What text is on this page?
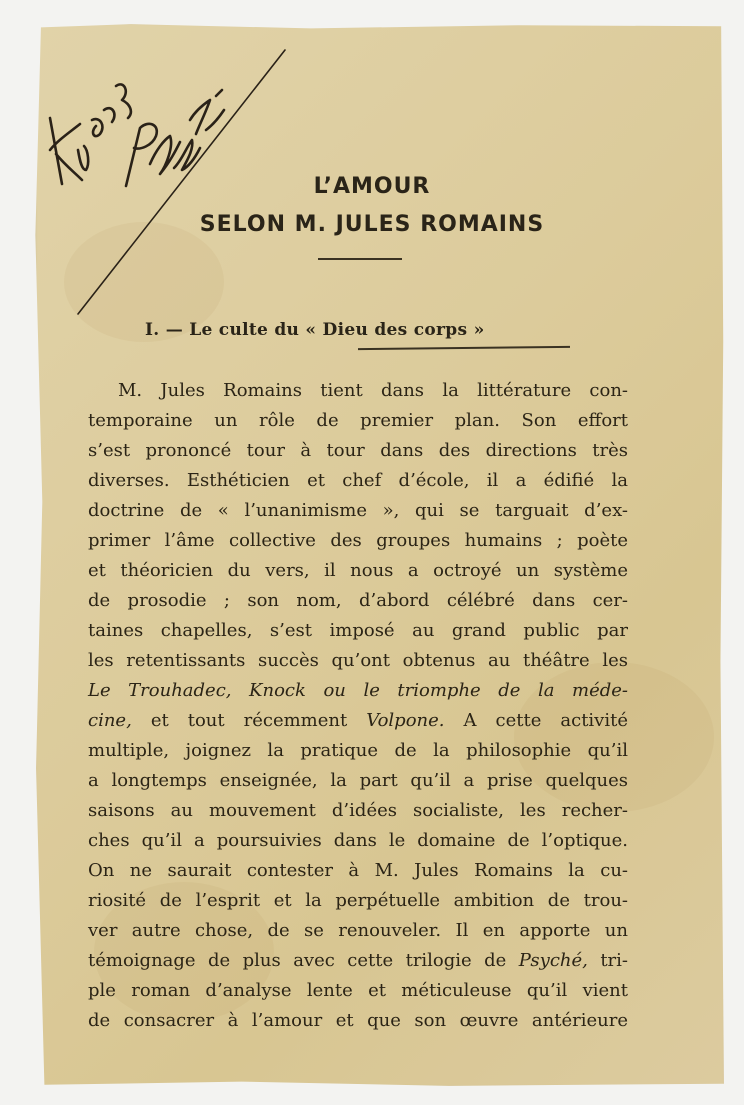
L’AMOUR
SELON M. JULES ROMAINS
I. — Le culte du « Dieu des corps »
M. Jules Romains tient dans la littérature con-
temporaine un rôle de premier plan. Son effort
s’est prononcé tour à tour dans des directions très
diverses. Esthéticien et chef d’école, il a édifié la
doctrine de « l’unanimisme », qui se targuait d’ex-
primer l’âme collective des groupes humains ; poète
et théoricien du vers, il nous a octroyé un système
de prosodie ; son nom, d’abord célébré dans cer-
taines chapelles, s’est imposé au grand public par
les retentissants succès qu’ont obtenus au théâtre les
Le Trouhadec, Knock ou le triomphe de la méde-
cine, et tout récemment Volpone. A cette activité
multiple, joignez la pratique de la philosophie qu’il
a longtemps enseignée, la part qu’il a prise quelques
saisons au mouvement d’idées socialiste, les recher-
ches qu’il a poursuivies dans le domaine de l’optique.
On ne saurait contester à M. Jules Romains la cu-
riosité de l’esprit et la perpétuelle ambition de trou-
ver autre chose, de se renouveler. Il en apporte un
témoignage de plus avec cette trilogie de Psyché, tri-
ple roman d’analyse lente et méticuleuse qu’il vient
de consacrer à l’amour et que son œuvre antérieure
